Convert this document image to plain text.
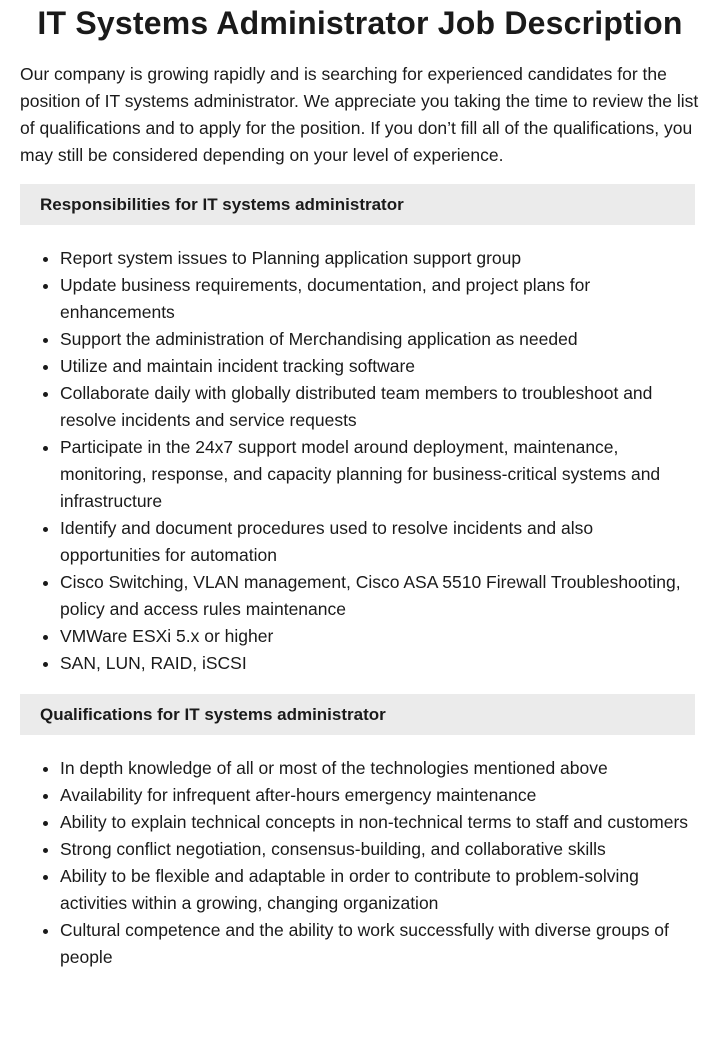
IT Systems Administrator Job Description

Our company is growing rapidly and is searching for experienced candidates for the position of IT systems administrator. We appreciate you taking the time to review the list of qualifications and to apply for the position. If you don’t fill all of the qualifications, you may still be considered depending on your level of experience.

Responsibilities for IT systems administrator
• Report system issues to Planning application support group
• Update business requirements, documentation, and project plans for enhancements
• Support the administration of Merchandising application as needed
• Utilize and maintain incident tracking software
• Collaborate daily with globally distributed team members to troubleshoot and resolve incidents and service requests
• Participate in the 24x7 support model around deployment, maintenance, monitoring, response, and capacity planning for business-critical systems and infrastructure
• Identify and document procedures used to resolve incidents and also opportunities for automation
• Cisco Switching, VLAN management, Cisco ASA 5510 Firewall Troubleshooting, policy and access rules maintenance
• VMWare ESXi 5.x or higher
• SAN, LUN, RAID, iSCSI
Qualifications for IT systems administrator
• In depth knowledge of all or most of the technologies mentioned above
• Availability for infrequent after-hours emergency maintenance
• Ability to explain technical concepts in non-technical terms to staff and customers
• Strong conflict negotiation, consensus-building, and collaborative skills
• Ability to be flexible and adaptable in order to contribute to problem-solving activities within a growing, changing organization
• Cultural competence and the ability to work successfully with diverse groups of people
